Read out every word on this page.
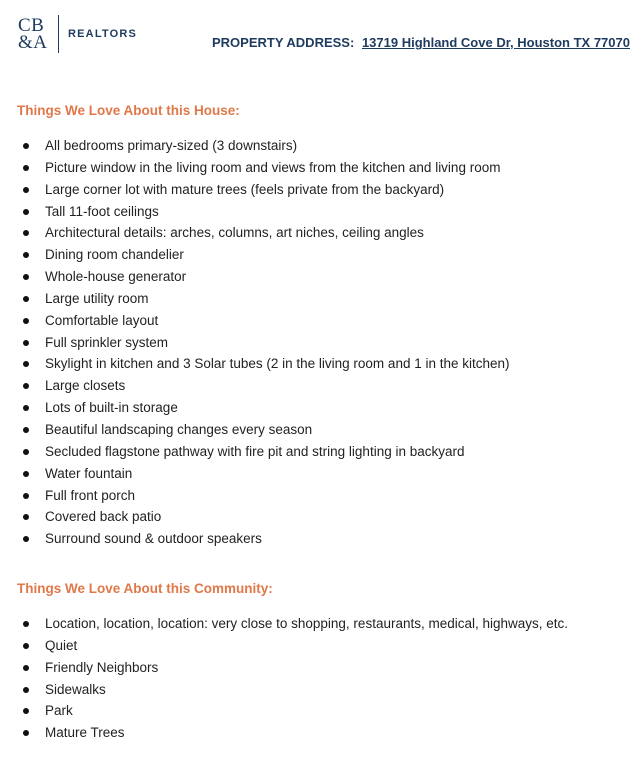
CB
&A	REALTORS
PROPERTY ADDRESS: 13719 Highland Cove Dr, Houston TX 77070
Things We Love About this House:
All bedrooms primary-sized (3 downstairs)
Picture window in the living room and views from the kitchen and living room
Large corner lot with mature trees (feels private from the backyard)
Tall 11-foot ceilings
Architectural details: arches, columns, art niches, ceiling angles
Dining room chandelier
Whole-house generator
Large utility room
Comfortable layout
Full sprinkler system
Skylight in kitchen and 3 Solar tubes (2 in the living room and 1 in the kitchen)
Large closets
Lots of built-in storage
Beautiful landscaping changes every season
Secluded flagstone pathway with fire pit and string lighting in backyard
Water fountain
Full front porch
Covered back patio
Surround sound & outdoor speakers
Things We Love About this Community:
Location, location, location: very close to shopping, restaurants, medical, highways, etc.
Quiet
Friendly Neighbors
Sidewalks
Park
Mature Trees
